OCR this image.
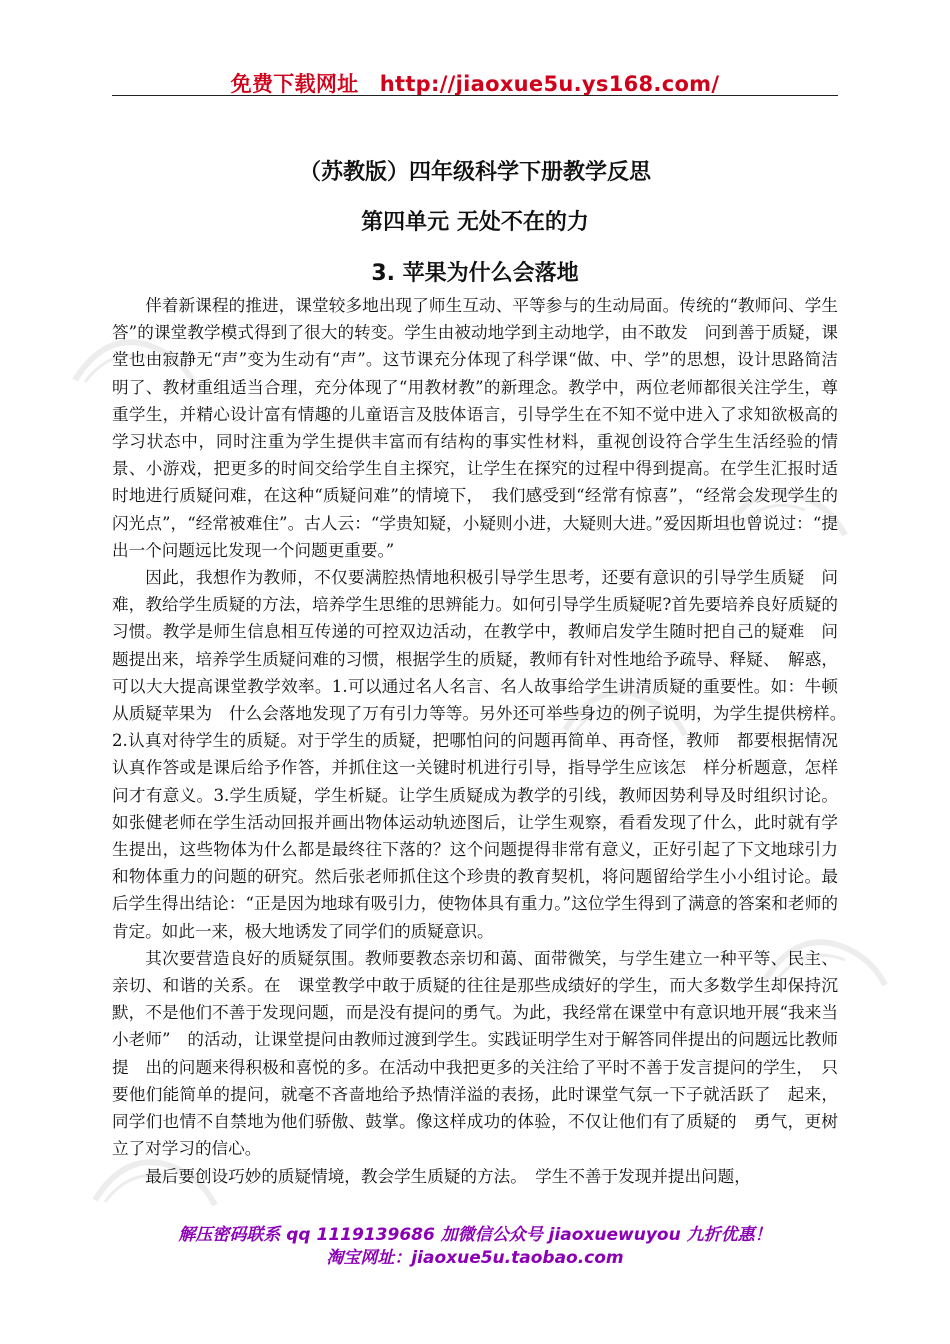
免费下载网址　http://jiaoxue5u.ys168.com/
（苏教版）四年级科学下册教学反思
第四单元 无处不在的力
3. 苹果为什么会落地

伴着新课程的推进，课堂较多地出现了师生互动、平等参与的生动局面。传统的“教师问、学生答”的课堂教学模式得到了很大的转变。学生由被动地学到主动地学，由不敢发　问到善于质疑，课堂也由寂静无“声”变为生动有“声”。这节课充分体现了科学课“做、中、学”的思想，设计思路简洁明了、教材重组适当合理，充分体现了“用教材教”的新理念。教学中，两位老师都很关注学生，尊重学生，并精心设计富有情趣的儿童语言及肢体语言，引导学生在不知不觉中进入了求知欲极高的学习状态中，同时注重为学生提供丰富而有结构的事实性材料，重视创设符合学生生活经验的情景、小游戏，把更多的时间交给学生自主探究，让学生在探究的过程中得到提高。在学生汇报时适时地进行质疑问难，在这种“质疑问难”的情境下，　我们感受到“经常有惊喜”，“经常会发现学生的闪光点”，“经常被难住”。古人云：“学贵知疑，小疑则小进，大疑则大进。”爱因斯坦也曾说过：“提出一个问题远比发现一个问题更重要。”

因此，我想作为教师，不仅要满腔热情地积极引导学生思考，还要有意识的引导学生质疑　问难，教给学生质疑的方法，培养学生思维的思辨能力。如何引导学生质疑呢?首先要培养良好质疑的习惯。教学是师生信息相互传递的可控双边活动，在教学中，教师启发学生随时把自己的疑难　问题提出来，培养学生质疑问难的习惯，根据学生的质疑，教师有针对性地给予疏导、释疑、　解惑，可以大大提高课堂教学效率。1.可以通过名人名言、名人故事给学生讲清质疑的重要性。如：牛顿从质疑苹果为　什么会落地发现了万有引力等等。另外还可举些身边的例子说明，为学生提供榜样。　2.认真对待学生的质疑。对于学生的质疑，把哪怕问的问题再简单、再奇怪，教师　都要根据情况认真作答或是课后给予作答，并抓住这一关键时机进行引导，指导学生应该怎　样分析题意，怎样问才有意义。3.学生质疑，学生析疑。让学生质疑成为教学的引线，教师因势利导及时组织讨论。如张健老师在学生活动回报并画出物体运动轨迹图后，让学生观察，看看发现了什么，此时就有学生提出，这些物体为什么都是最终往下落的？这个问题提得非常有意义，正好引起了下文地球引力和物体重力的问题的研究。然后张老师抓住这个珍贵的教育契机，将问题留给学生小小组讨论。最后学生得出结论：“正是因为地球有吸引力，使物体具有重力。”这位学生得到了满意的答案和老师的肯定。如此一来，极大地诱发了同学们的质疑意识。

其次要营造良好的质疑氛围。教师要教态亲切和蔼、面带微笑，与学生建立一种平等、民主、亲切、和谐的关系。在　课堂教学中敢于质疑的往往是那些成绩好的学生，而大多数学生却保持沉默，不是他们不善于发现问题，而是没有提问的勇气。为此，我经常在课堂中有意识地开展“我来当小老师”　的活动，让课堂提问由教师过渡到学生。实践证明学生对于解答同伴提出的问题远比教师提　出的问题来得积极和喜悦的多。在活动中我把更多的关注给了平时不善于发言提问的学生，　只要他们能简单的提问，就毫不吝啬地给予热情洋溢的表扬，此时课堂气氛一下子就活跃了　起来，同学们也情不自禁地为他们骄傲、鼓掌。像这样成功的体验，不仅让他们有了质疑的　勇气，更树立了对学习的信心。

最后要创设巧妙的质疑情境，教会学生质疑的方法。　学生不善于发现并提出问题，

解压密码联系 qq 1119139686 加微信公众号 jiaoxuewuyou 九折优惠！
淘宝网址：jiaoxue5u.taobao.com
